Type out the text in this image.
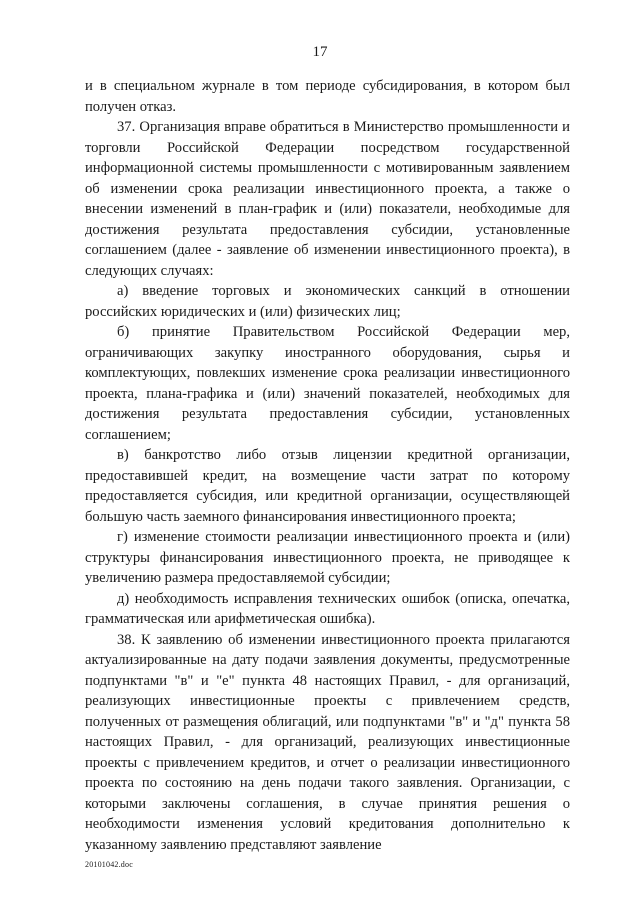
17

и в специальном журнале в том периоде субсидирования, в котором был получен отказ.

37. Организация вправе обратиться в Министерство промышленности и торговли Российской Федерации посредством государственной информационной системы промышленности с мотивированным заявлением об изменении срока реализации инвестиционного проекта, а также о внесении изменений в план-график и (или) показатели, необходимые для достижения результата предоставления субсидии, установленные соглашением (далее - заявление об изменении инвестиционного проекта), в следующих случаях:

а) введение торговых и экономических санкций в отношении российских юридических и (или) физических лиц;

б) принятие Правительством Российской Федерации мер, ограничивающих закупку иностранного оборудования, сырья и комплектующих, повлекших изменение срока реализации инвестиционного проекта, плана-графика и (или) значений показателей, необходимых для достижения результата предоставления субсидии, установленных соглашением;

в) банкротство либо отзыв лицензии кредитной организации, предоставившей кредит, на возмещение части затрат по которому предоставляется субсидия, или кредитной организации, осуществляющей большую часть заемного финансирования инвестиционного проекта;

г) изменение стоимости реализации инвестиционного проекта и (или) структуры финансирования инвестиционного проекта, не приводящее к увеличению размера предоставляемой субсидии;

д) необходимость исправления технических ошибок (описка, опечатка, грамматическая или арифметическая ошибка).

38. К заявлению об изменении инвестиционного проекта прилагаются актуализированные на дату подачи заявления документы, предусмотренные подпунктами "в" и "е" пункта 48 настоящих Правил, - для организаций, реализующих инвестиционные проекты с привлечением средств, полученных от размещения облигаций, или подпунктами "в" и "д" пункта 58 настоящих Правил, - для организаций, реализующих инвестиционные проекты с привлечением кредитов, и отчет о реализации инвестиционного проекта по состоянию на день подачи такого заявления. Организации, с которыми заключены соглашения, в случае принятия решения о необходимости изменения условий кредитования дополнительно к указанному заявлению представляют заявление

20101042.doc
